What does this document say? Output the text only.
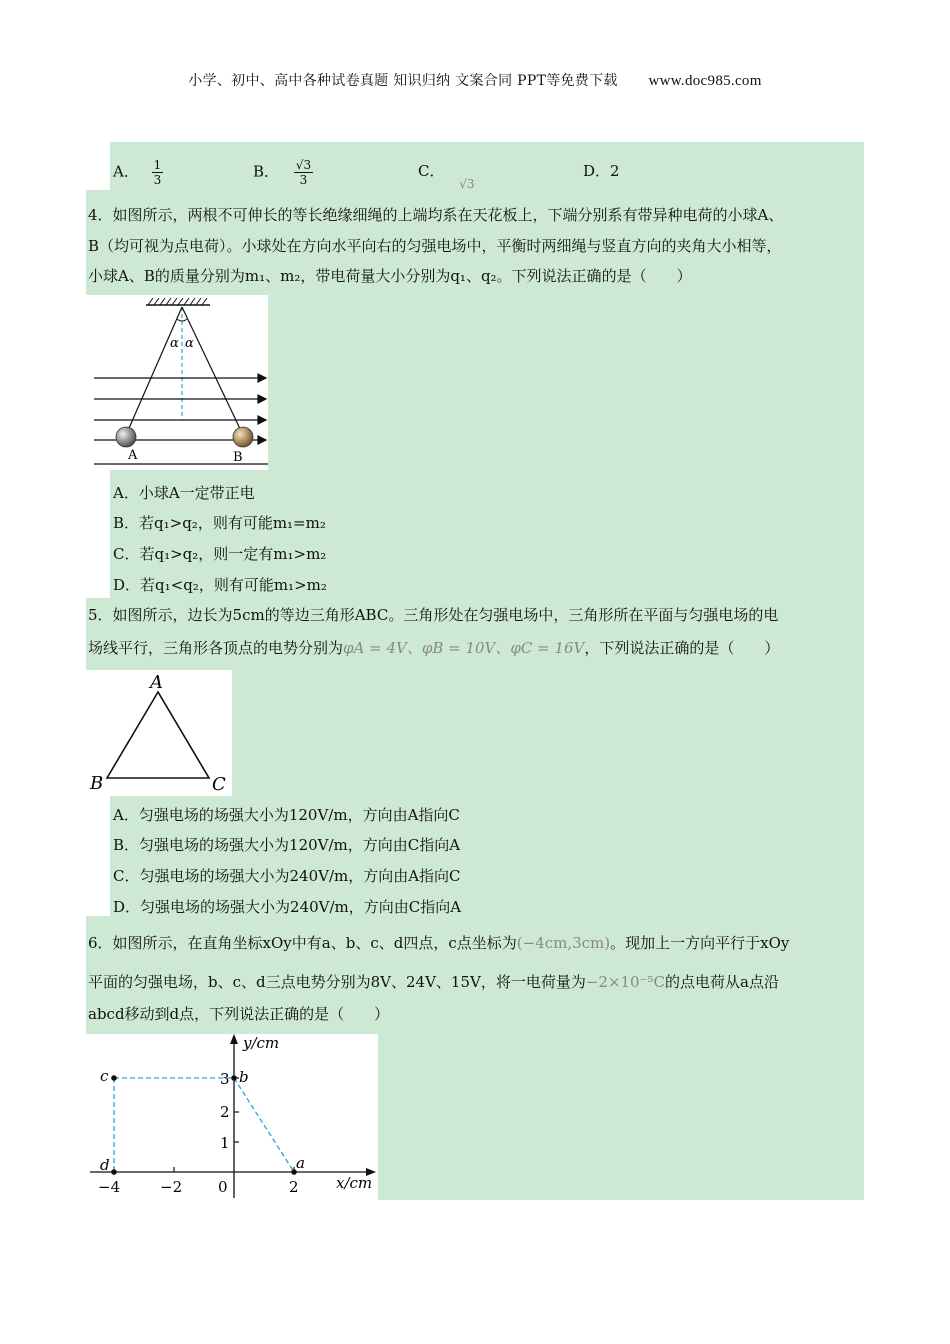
小学、初中、高中各种试卷真题 知识归纳 文案合同 PPT等免费下载 www.doc985.com
A． $\frac{1}{3}$	B． $\frac{√3}{3}$	C． $_{√3}$
D．2
4．如图所示，两根不可伸长的等长绝缘细绳的上端均系在天花板上，下端分别系有带异种电荷的小球A、
B（均可视为点电荷）。小球处在方向水平向右的匀强电场中，平衡时两细绳与竖直方向的夹角大小相等，
小球A、B的质量分别为m₁、m₂，带电荷量大小分别为q₁、q₂。下列说法正确的是（　　）
α α
A	B
A．小球A一定带正电
B．若q₁>q₂，则有可能m₁=m₂
C．若q₁>q₂，则一定有m₁>m₂
D．若q₁<q₂，则有可能m₁>m₂
5．如图所示，边长为5cm的等边三角形ABC。三角形处在匀强电场中，三角形所在平面与匀强电场的电
场线平行，三角形各顶点的电势分别为φA = 4V、φB = 10V、φC = 16V，下列说法正确的是（　　）
A
B	C
A．匀强电场的场强大小为120V/m，方向由A指向C
B．匀强电场的场强大小为120V/m，方向由C指向A
C．匀强电场的场强大小为240V/m，方向由A指向C
D．匀强电场的场强大小为240V/m，方向由C指向A
6．如图所示，在直角坐标xOy中有a、b、c、d四点，c点坐标为(−4cm,3cm)。现加上一方向平行于xOy
平面的匀强电场，b、c、d三点电势分别为8V、24V、15V，将一电荷量为−2×10⁻⁵C的点电荷从a点沿
abcd移动到d点，下列说法正确的是（　　）
y/cm
x/cm
3
2
1
−4	−2 0	2
c	b
d	a
